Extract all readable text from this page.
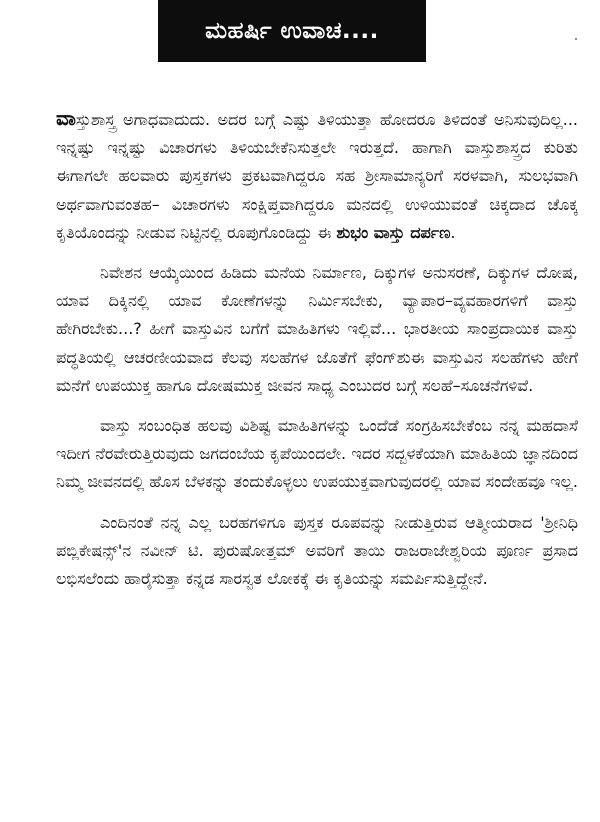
ಮಹರ್ಷಿ ಉವಾಚ....

ವಾಸ್ತುಶಾಸ್ತ್ರ ಅಗಾಧವಾದುದು. ಅದರ ಬಗ್ಗೆ ಎಷ್ಟು ತಿಳಿಯುತ್ತಾ ಹೋದರೂ ತಿಳಿದಂತೆ ಅನಿಸುವುದಿಲ್ಲ... ಇನ್ನಷ್ಟು ಇನ್ನಷ್ಟು ವಿಚಾರಗಳು ತಿಳಿಯಬೇಕೆನಿಸುತ್ತಲೇ ಇರುತ್ತದೆ. ಹಾಗಾಗಿ ವಾಸ್ತುಶಾಸ್ತ್ರದ ಕುರಿತು ಈಗಾಗಲೇ ಹಲವಾರು ಪುಸ್ತಕಗಳು ಪ್ರಕಟವಾಗಿದ್ದರೂ ಸಹ ಶ್ರೀಸಾಮಾನ್ಯರಿಗೆ ಸರಳವಾಗಿ, ಸುಲಭವಾಗಿ ಅರ್ಥವಾಗುವಂತಹ– ವಿಚಾರಗಳು ಸಂಕ್ಷಿಪ್ತವಾಗಿದ್ದರೂ ಮನದಲ್ಲಿ ಉಳಿಯುವಂತೆ ಚಿಕ್ಕದಾದ ಚೊಕ್ಕ ಕೃತಿಯೊಂದನ್ನು ನೀಡುವ ನಿಟ್ಟಿನಲ್ಲಿ ರೂಪುಗೊಂಡಿದ್ದು ಈ ಶುಭಂ ವಾಸ್ತು ದರ್ಪಣ.

ನಿವೇಶನ ಆಯ್ಕೆಯಿಂದ ಹಿಡಿದು ಮನೆಯ ನಿರ್ಮಾಣ, ದಿಕ್ಕುಗಳ ಅನುಸರಣೆ, ದಿಕ್ಕುಗಳ ದೋಷ, ಯಾವ ದಿಕ್ಕಿನಲ್ಲಿ ಯಾವ ಕೋಣೆಗಳನ್ನು ನಿರ್ಮಿಸಬೇಕು, ವ್ಯಾಪಾರ–ವ್ಯವಹಾರಗಳಿಗೆ ವಾಸ್ತು ಹೇಗಿರಬೇಕು...? ಹೀಗೆ ವಾಸ್ತುವಿನ ಬಗೆಗೆ ಮಾಹಿತಿಗಳು ಇಲ್ಲಿವೆ... ಭಾರತೀಯ ಸಾಂಪ್ರದಾಯಿಕ ವಾಸ್ತು ಪದ್ಧತಿಯಲ್ಲಿ ಆಚರಣೀಯವಾದ ಕೆಲವು ಸಲಹೆಗಳ ಜೊತೆಗೆ ಫೆಂಗ್‌ಶುಈ ವಾಸ್ತುವಿನ ಸಲಹೆಗಳು ಹೇಗೆ ಮನೆಗೆ ಉಪಯುಕ್ತ ಹಾಗೂ ದೋಷಮುಕ್ತ ಜೀವನ ಸಾಧ್ಯ ಎಂಬುದರ ಬಗ್ಗೆ ಸಲಹೆ–ಸೂಚನೆಗಳಿವೆ.

ವಾಸ್ತು ಸಂಬಂಧಿತ ಹಲವು ವಿಶಿಷ್ಟ ಮಾಹಿತಿಗಳನ್ನು ಒಂದೆಡೆ ಸಂಗ್ರಹಿಸಬೇಕೆಂಬ ನನ್ನ ಮಹದಾಸೆ ಇದೀಗ ನೆರವೇರುತ್ತಿರುವುದು ಜಗದಂಬೆಯ ಕೃಪೆಯಿಂದಲೇ. ಇದರ ಸದ್ಬಳಕೆಯಾಗಿ ಮಾಹಿತಿಯ ಜ್ಞಾನದಿಂದ ನಿಮ್ಮ ಜೀವನದಲ್ಲಿ ಹೊಸ ಬೆಳಕನ್ನು ತಂದುಕೊಳ್ಳಲು ಉಪಯುಕ್ತವಾಗುವುದರಲ್ಲಿ ಯಾವ ಸಂದೇಹವೂ ಇಲ್ಲ.

ಎಂದಿನಂತೆ ನನ್ನ ಎಲ್ಲ ಬರಹಗಳಿಗೂ ಪುಸ್ತಕ ರೂಪವನ್ನು ನೀಡುತ್ತಿರುವ ಆತ್ಮೀಯರಾದ 'ಶ್ರೀನಿಧಿ ಪಬ್ಲಿಕೇಷನ್ಸ್'ನ ನವೀನ್ ಟಿ. ಪುರುಷೋತ್ತಮ್ ಅವರಿಗೆ ತಾಯಿ ರಾಜರಾಜೇಶ್ವರಿಯ ಪೂರ್ಣ ಪ್ರಸಾದ ಲಭಿಸಲೆಂದು ಹಾರೈಸುತ್ತಾ ಕನ್ನಡ ಸಾರಸ್ವತ ಲೋಕಕ್ಕೆ ಈ ಕೃತಿಯನ್ನು ಸಮರ್ಪಿಸುತ್ತಿದ್ದೇನೆ.
